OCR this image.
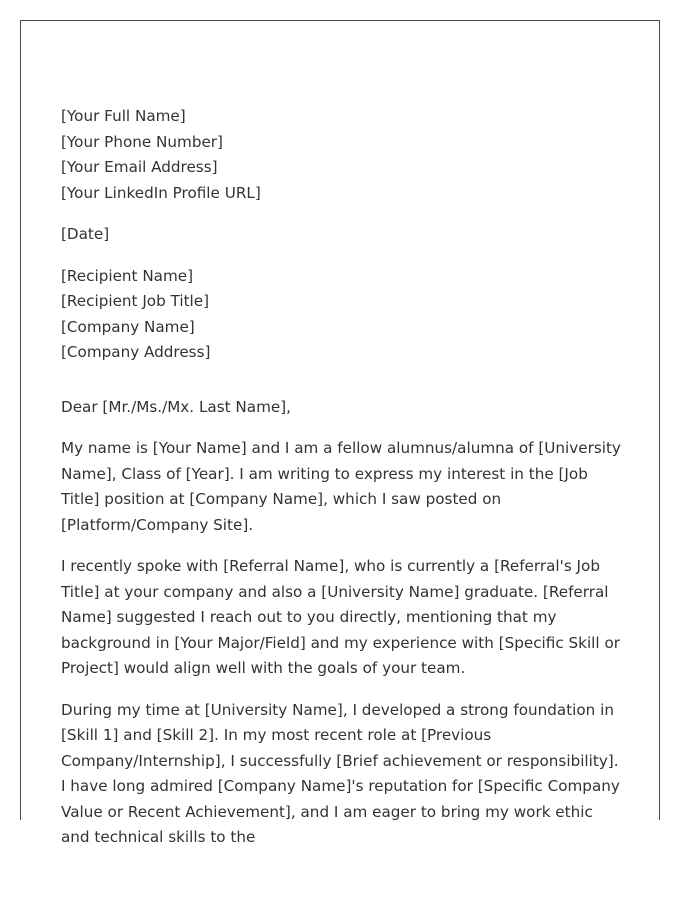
[Your Full Name]
[Your Phone Number]
[Your Email Address]
[Your LinkedIn Profile URL]
[Date]
[Recipient Name]
[Recipient Job Title]
[Company Name]
[Company Address]
Dear [Mr./Ms./Mx. Last Name],

My name is [Your Name] and I am a fellow alumnus/alumna of [University Name], Class of [Year]. I am writing to express my interest in the [Job Title] position at [Company Name], which I saw posted on [Platform/Company Site].

I recently spoke with [Referral Name], who is currently a [Referral's Job Title] at your company and also a [University Name] graduate. [Referral Name] suggested I reach out to you directly, mentioning that my background in [Your Major/Field] and my experience with [Specific Skill or Project] would align well with the goals of your team.

During my time at [University Name], I developed a strong foundation in [Skill 1] and [Skill 2]. In my most recent role at [Previous Company/Internship], I successfully [Brief achievement or responsibility]. I have long admired [Company Name]'s reputation for [Specific Company Value or Recent Achievement], and I am eager to bring my work ethic and technical skills to the
